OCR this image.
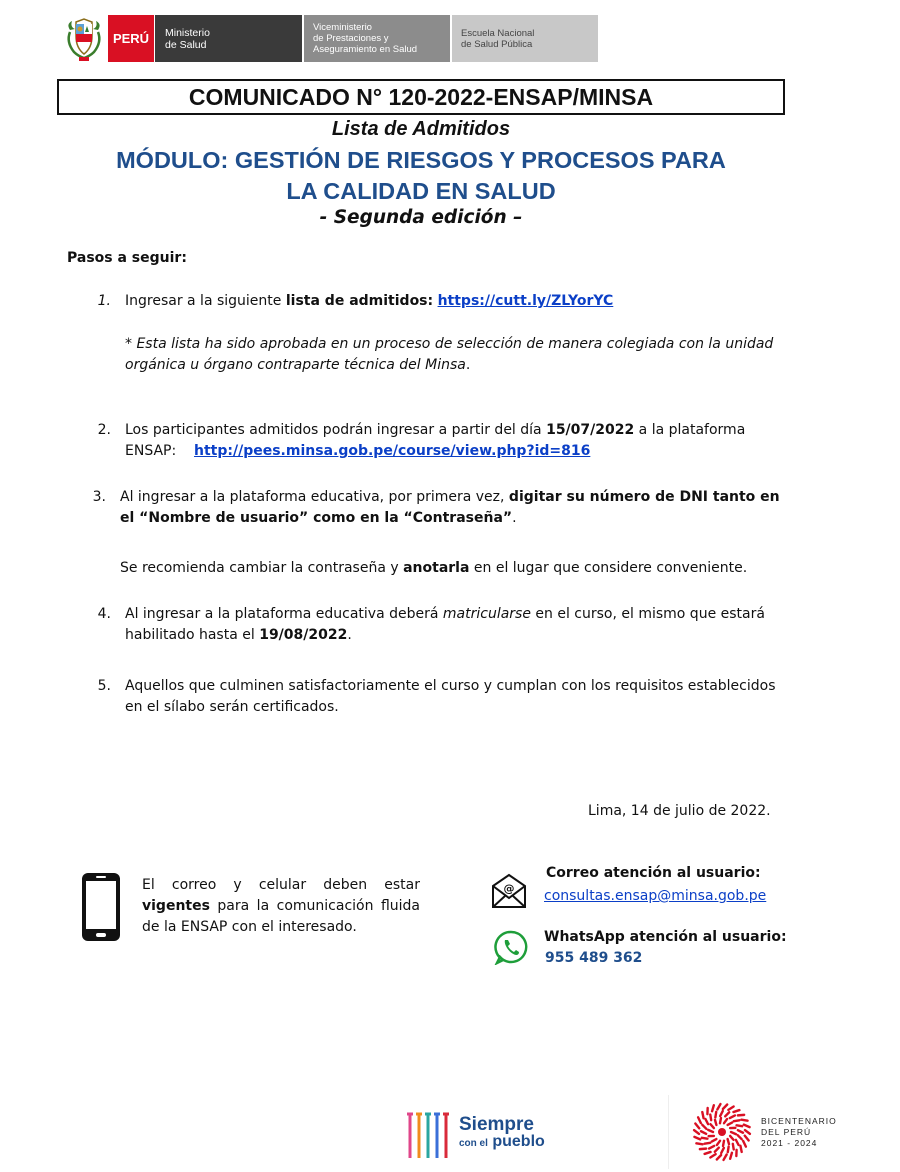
PERÚ	Ministerio
de Salud
Viceministerio
de Prestaciones y
Aseguramiento en Salud
Escuela Nacional
de Salud Pública
COMUNICADO N° 120-2022-ENSAP/MINSA
Lista de Admitidos
MÓDULO: GESTIÓN DE RIESGOS Y PROCESOS PARA
LA CALIDAD EN SALUD
- Segunda edición –
Pasos a seguir:
1. Ingresar a la siguiente lista de admitidos: https://cutt.ly/ZLYorYC
* Esta lista ha sido aprobada en un proceso de selección de manera colegiada con la unidad
orgánica u órgano contraparte técnica del Minsa.
2. Los participantes admitidos podrán ingresar a partir del día 15/07/2022 a la plataforma
ENSAP: http://pees.minsa.gob.pe/course/view.php?id=816
3. Al ingresar a la plataforma educativa, por primera vez, digitar su número de DNI tanto en
el “Nombre de usuario” como en la “Contraseña”.
Se recomienda cambiar la contraseña y anotarla en el lugar que considere conveniente.
4. Al ingresar a la plataforma educativa deberá matricularse en el curso, el mismo que estará
habilitado hasta el 19/08/2022.
5. Aquellos que culminen satisfactoriamente el curso y cumplan con los requisitos establecidos
en el sílabo serán certificados.
Lima, 14 de julio de 2022.
El correo y celular deben estar vigentes para la comunicación fluida de la ENSAP con el interesado.
@
Correo atención al usuario:
consultas.ensap@minsa.gob.pe
WhatsApp atención al usuario:
955 489 362
Siempre
con el pueblo
BICENTENARIO
DEL PERÚ
2021 - 2024
